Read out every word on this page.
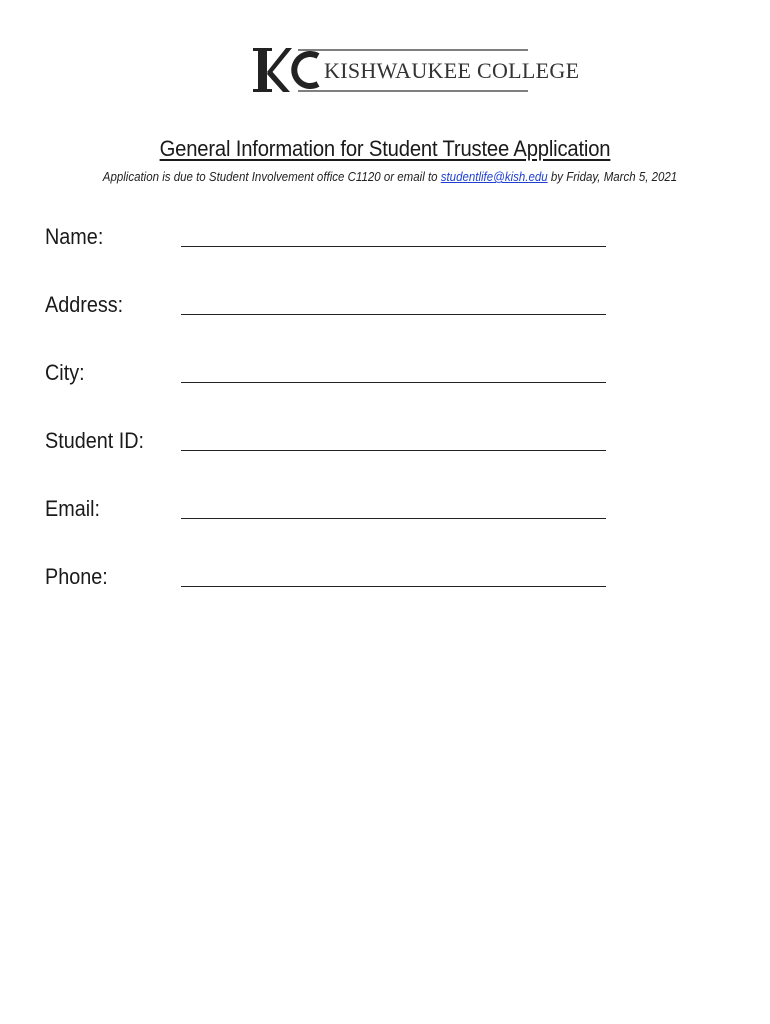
KISHWAUKEE COLLEGE
General Information for Student Trustee Application
Application is due to Student Involvement office C1120 or email to studentlife@kish.edu by Friday, March 5, 2021
Name:
Address:
City:
Student ID:
Email:
Phone:
